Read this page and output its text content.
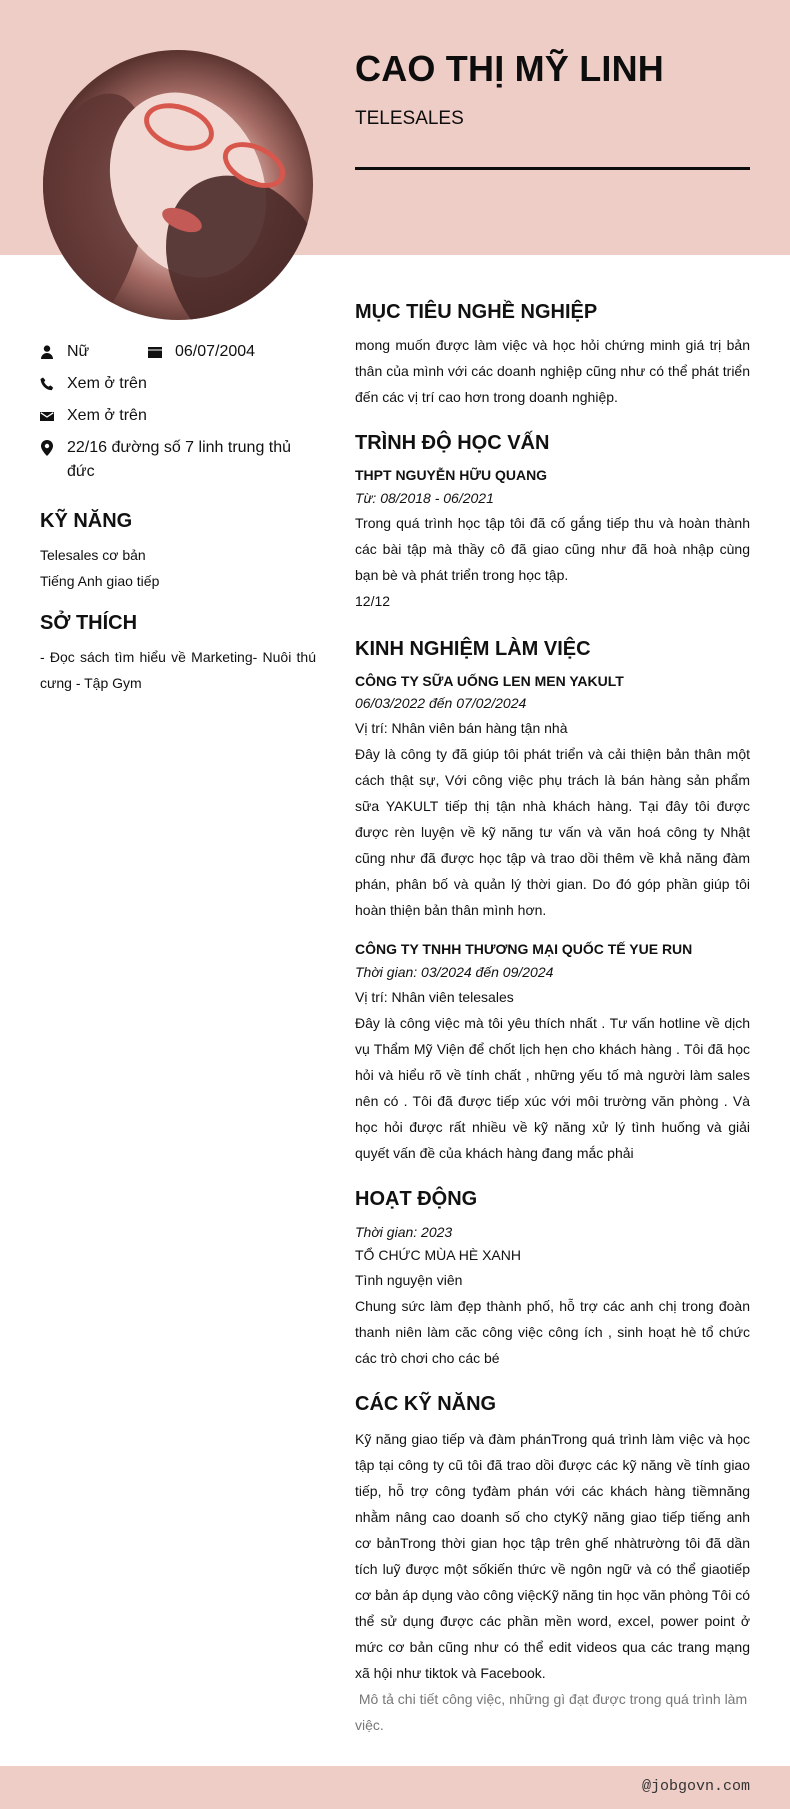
CAO THỊ MỸ LINH
TELESALES
Nữ	06/07/2004
Xem ở trên
Xem ở trên
22/16 đường số 7 linh trung thủ đức
KỸ NĂNG
Telesales cơ bản
Tiếng Anh giao tiếp
SỞ THÍCH
- Đọc sách tìm hiểu về Marketing- Nuôi thú cưng - Tập Gym
MỤC TIÊU NGHỀ NGHIỆP
mong muốn được làm việc và học hỏi chứng minh giá trị bản thân của mình với các doanh nghiệp cũng như có thể phát triển đến các vị trí cao hơn trong doanh nghiệp.
TRÌNH ĐỘ HỌC VẤN
THPT NGUYỄN HỮU QUANG
Từ: 08/2018 - 06/2021
Trong quá trình học tập tôi đã cố gắng tiếp thu và hoàn thành các bài tập mà thầy cô đã giao cũng như đã hoà nhập cùng bạn bè và phát triển trong học tập.
12/12
KINH NGHIỆM LÀM VIỆC
CÔNG TY SỮA UỐNG LEN MEN YAKULT
06/03/2022 đến 07/02/2024
Vị trí: Nhân viên bán hàng tận nhà
Đây là công ty đã giúp tôi phát triển và cải thiện bản thân một cách thật sự, Với công việc phụ trách là bán hàng sản phẩm sữa YAKULT tiếp thị tận nhà khách hàng. Tại đây tôi được được rèn luyện về kỹ năng tư vấn và văn hoá công ty Nhật cũng như đã được học tập và trao dồi thêm về khả năng đàm phán, phân bố và quản lý thời gian. Do đó góp phần giúp tôi hoàn thiện bản thân mình hơn.
CÔNG TY TNHH THƯƠNG MẠI QUỐC TẾ YUE RUN
Thời gian: 03/2024 đến 09/2024
Vị trí: Nhân viên telesales
Đây là công việc mà tôi yêu thích nhất . Tư vấn hotline về dịch vụ Thẩm Mỹ Viện để chốt lịch hẹn cho khách hàng . Tôi đã học hỏi và hiểu rõ về tính chất , những yếu tố mà người làm sales nên có . Tôi đã được tiếp xúc với môi trường văn phòng . Và học hỏi được rất nhiều về kỹ năng xử lý tình huống và giải quyết vấn đề của khách hàng đang mắc phải
HOẠT ĐỘNG
Thời gian: 2023
TỔ CHỨC MÙA HÈ XANH
Tình nguyện viên
Chung sức làm đẹp thành phố, hỗ trợ các anh chị trong đoàn thanh niên làm căc công việc công ích , sinh hoạt hè tổ chức các trò chơi cho các bé
CÁC KỸ NĂNG
Kỹ năng giao tiếp và đàm phánTrong quá trình làm việc và học tập tại công ty cũ tôi đã trao dồi được các kỹ năng về tính giao tiếp, hỗ trợ công tyđàm phán với các khách hàng tiềmnăng nhằm nâng cao doanh số cho ctyKỹ năng giao tiếp tiếng anh cơ bảnTrong thời gian học tập trên ghế nhàtrường tôi đã dần tích luỹ được một sốkiến thức về ngôn ngữ và có thể giaotiếp cơ bản áp dụng vào công việcKỹ năng tin học văn phòng Tôi có thể sử dụng được các phần mền word, excel, power point ở mức cơ bản cũng như có thể edit videos qua các trang mạng xã hội như tiktok và Facebook.
Mô tả chi tiết công việc, những gì đạt được trong quá trình làm việc.
@jobgovn.com
